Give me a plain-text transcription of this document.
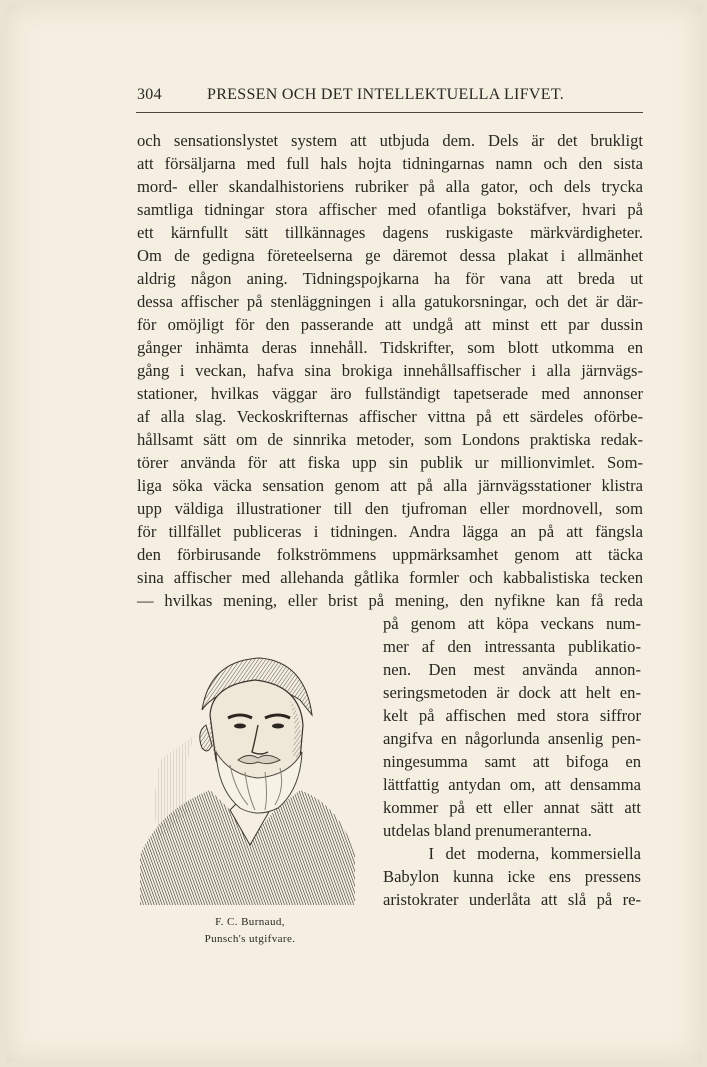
304	PRESSEN OCH DET INTELLEKTUELLA LIFVET.
och sensationslystet system att utbjuda dem. Dels är det brukligt
att försäljarna med full hals hojta tidningarnas namn och den sista
mord- eller skandalhistoriens rubriker på alla gator, och dels trycka
samtliga tidningar stora affischer med ofantliga bokstäfver, hvari på
ett kärnfullt sätt tillkännages dagens ruskigaste märkvärdigheter.
Om de gedigna företeelserna ge däremot dessa plakat i allmänhet
aldrig någon aning. Tidningspojkarna ha för vana att breda ut
dessa affischer på stenläggningen i alla gatukorsningar, och det är där-
för omöjligt för den passerande att undgå att minst ett par dussin
gånger inhämta deras innehåll. Tidskrifter, som blott utkomma en
gång i veckan, hafva sina brokiga innehållsaffischer i alla järnvägs-
stationer, hvilkas väggar äro fullständigt tapetserade med annonser
af alla slag. Veckoskrifternas affischer vittna på ett särdeles oförbe-
hållsamt sätt om de sinnrika metoder, som Londons praktiska redak-
törer använda för att fiska upp sin publik ur millionvimlet. Som-
liga söka väcka sensation genom att på alla järnvägsstationer klistra
upp väldiga illustrationer till den tjufroman eller mordnovell, som
för tillfället publiceras i tidningen. Andra lägga an på att fängsla
den förbirusande folkströmmens uppmärksamhet genom att täcka
sina affischer med allehanda gåtlika formler och kabbalistiska tecken
— hvilkas mening, eller brist på mening, den nyfikne kan få reda
på genom att köpa veckans num-
mer af den intressanta publikatio-
nen. Den mest använda annon-
seringsmetoden är dock att helt en-
kelt på affischen med stora siffror
angifva en någorlunda ansenlig pen-
ningesumma samt att bifoga en
lättfattig antydan om, att densamma
kommer på ett eller annat sätt att
utdelas bland prenumeranterna.
I det moderna, kommersiella
Babylon kunna icke ens pressens
aristokrater underlåta att slå på re-
F. C. Burnaud,
Punsch's utgifvare.
